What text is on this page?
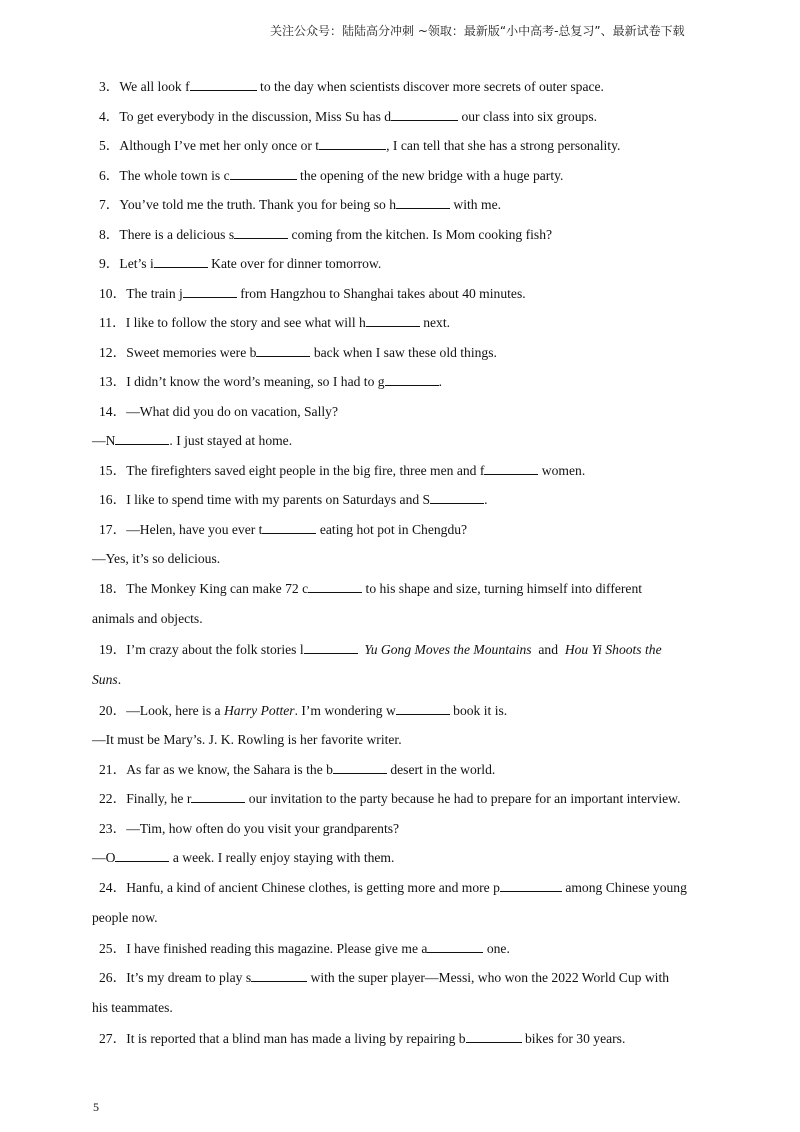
关注公众号：陆陆高分冲刺 ~领取：最新版“小中高考-总复习”、最新试卷下载
3．We all look f	to the day when scientists discover more secrets of outer space.
4．To get everybody in the discussion, Miss Su has d	our class into six groups.
5．Although I’ve met her only once or t	, I can tell that she has a strong personality.
6．The whole town is c	the opening of the new bridge with a huge party.
7．You’ve told me the truth. Thank you for being so h	with me.
8．There is a delicious s	coming from the kitchen. Is Mom cooking fish?
9．Let’s i	Kate over for dinner tomorrow.
10．The train j	from Hangzhou to Shanghai takes about 40 minutes.
11．I like to follow the story and see what will h	next.
12．Sweet memories were b	back when I saw these old things.
13．I didn’t know the word’s meaning, so I had to g	.
14．—What did you do on vacation, Sally?
—N	. I just stayed at home.
15．The firefighters saved eight people in the big fire, three men and f	women.
16．I like to spend time with my parents on Saturdays and S	.
17．—Helen, have you ever t	eating hot pot in Chengdu?
—Yes, it’s so delicious.
18．The Monkey King can make 72 c	to his shape and size, turning himself into different
animals and objects.
19．I’m crazy about the folk stories l	Yu Gong Moves the Mountains  and  Hou Yi Shoots the
Suns.
20．—Look, here is a Harry Potter. I’m wondering w	book it is.
—It must be Mary’s. J. K. Rowling is her favorite writer.
21．As far as we know, the Sahara is the b	desert in the world.
22．Finally, he r	our invitation to the party because he had to prepare for an important interview.
23．—Tim, how often do you visit your grandparents?
—O	a week. I really enjoy staying with them.
24．Hanfu, a kind of ancient Chinese clothes, is getting more and more p	among Chinese young
people now.
25．I have finished reading this magazine. Please give me a	one.
26．It’s my dream to play s	with the super player—Messi, who won the 2022 World Cup with
his teammates.
27．It is reported that a blind man has made a living by repairing b	bikes for 30 years.
5
